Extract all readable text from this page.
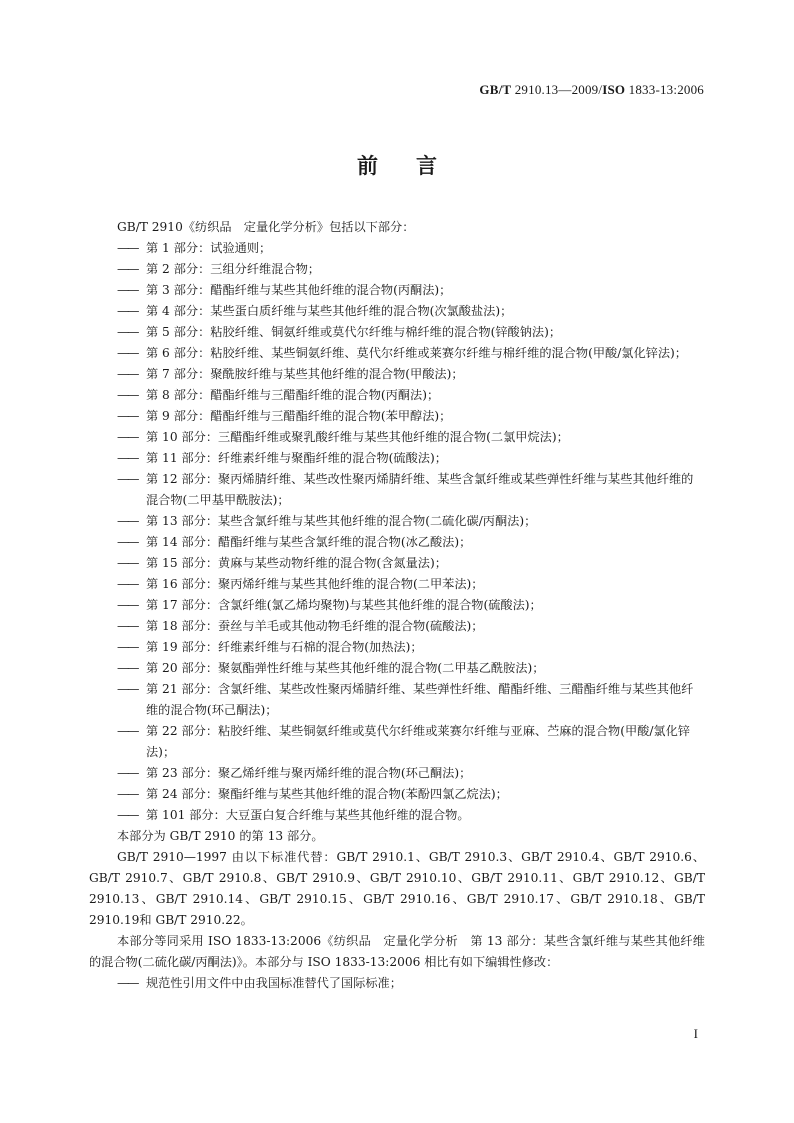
GB/T 2910.13—2009/ISO 1833-13:2006
前言
GB/T 2910《纺织品　定量化学分析》包括以下部分：
—— 第 1 部分：试验通则；
—— 第 2 部分：三组分纤维混合物；
—— 第 3 部分：醋酯纤维与某些其他纤维的混合物(丙酮法)；
—— 第 4 部分：某些蛋白质纤维与某些其他纤维的混合物(次氯酸盐法)；
—— 第 5 部分：粘胶纤维、铜氨纤维或莫代尔纤维与棉纤维的混合物(锌酸钠法)；
—— 第 6 部分：粘胶纤维、某些铜氨纤维、莫代尔纤维或莱赛尔纤维与棉纤维的混合物(甲酸/氯化锌法)；
—— 第 7 部分：聚酰胺纤维与某些其他纤维的混合物(甲酸法)；
—— 第 8 部分：醋酯纤维与三醋酯纤维的混合物(丙酮法)；
—— 第 9 部分：醋酯纤维与三醋酯纤维的混合物(苯甲醇法)；
—— 第 10 部分：三醋酯纤维或聚乳酸纤维与某些其他纤维的混合物(二氯甲烷法)；
—— 第 11 部分：纤维素纤维与聚酯纤维的混合物(硫酸法)；
—— 第 12 部分：聚丙烯腈纤维、某些改性聚丙烯腈纤维、某些含氯纤维或某些弹性纤维与某些其他纤维的混合物(二甲基甲酰胺法)；
—— 第 13 部分：某些含氯纤维与某些其他纤维的混合物(二硫化碳/丙酮法)；
—— 第 14 部分：醋酯纤维与某些含氯纤维的混合物(冰乙酸法)；
—— 第 15 部分：黄麻与某些动物纤维的混合物(含氮量法)；
—— 第 16 部分：聚丙烯纤维与某些其他纤维的混合物(二甲苯法)；
—— 第 17 部分：含氯纤维(氯乙烯均聚物)与某些其他纤维的混合物(硫酸法)；
—— 第 18 部分：蚕丝与羊毛或其他动物毛纤维的混合物(硫酸法)；
—— 第 19 部分：纤维素纤维与石棉的混合物(加热法)；
—— 第 20 部分：聚氨酯弹性纤维与某些其他纤维的混合物(二甲基乙酰胺法)；
—— 第 21 部分：含氯纤维、某些改性聚丙烯腈纤维、某些弹性纤维、醋酯纤维、三醋酯纤维与某些其他纤维的混合物(环己酮法)；
—— 第 22 部分：粘胶纤维、某些铜氨纤维或莫代尔纤维或莱赛尔纤维与亚麻、苎麻的混合物(甲酸/氯化锌法)；
—— 第 23 部分：聚乙烯纤维与聚丙烯纤维的混合物(环己酮法)；
—— 第 24 部分：聚酯纤维与某些其他纤维的混合物(苯酚四氯乙烷法)；
—— 第 101 部分：大豆蛋白复合纤维与某些其他纤维的混合物。
本部分为 GB/T 2910 的第 13 部分。
GB/T 2910—1997 由以下标准代替：GB/T 2910.1、GB/T 2910.3、GB/T 2910.4、GB/T 2910.6、GB/T 2910.7、GB/T 2910.8、GB/T 2910.9、GB/T 2910.10、GB/T 2910.11、GB/T 2910.12、GB/T 2910.13、GB/T 2910.14、GB/T 2910.15、GB/T 2910.16、GB/T 2910.17、GB/T 2910.18、GB/T 2910.19和 GB/T 2910.22。
本部分等同采用 ISO 1833-13:2006《纺织品　定量化学分析　第 13 部分：某些含氯纤维与某些其他纤维的混合物(二硫化碳/丙酮法)》。本部分与 ISO 1833-13:2006 相比有如下编辑性修改：
—— 规范性引用文件中由我国标准替代了国际标准；
I
